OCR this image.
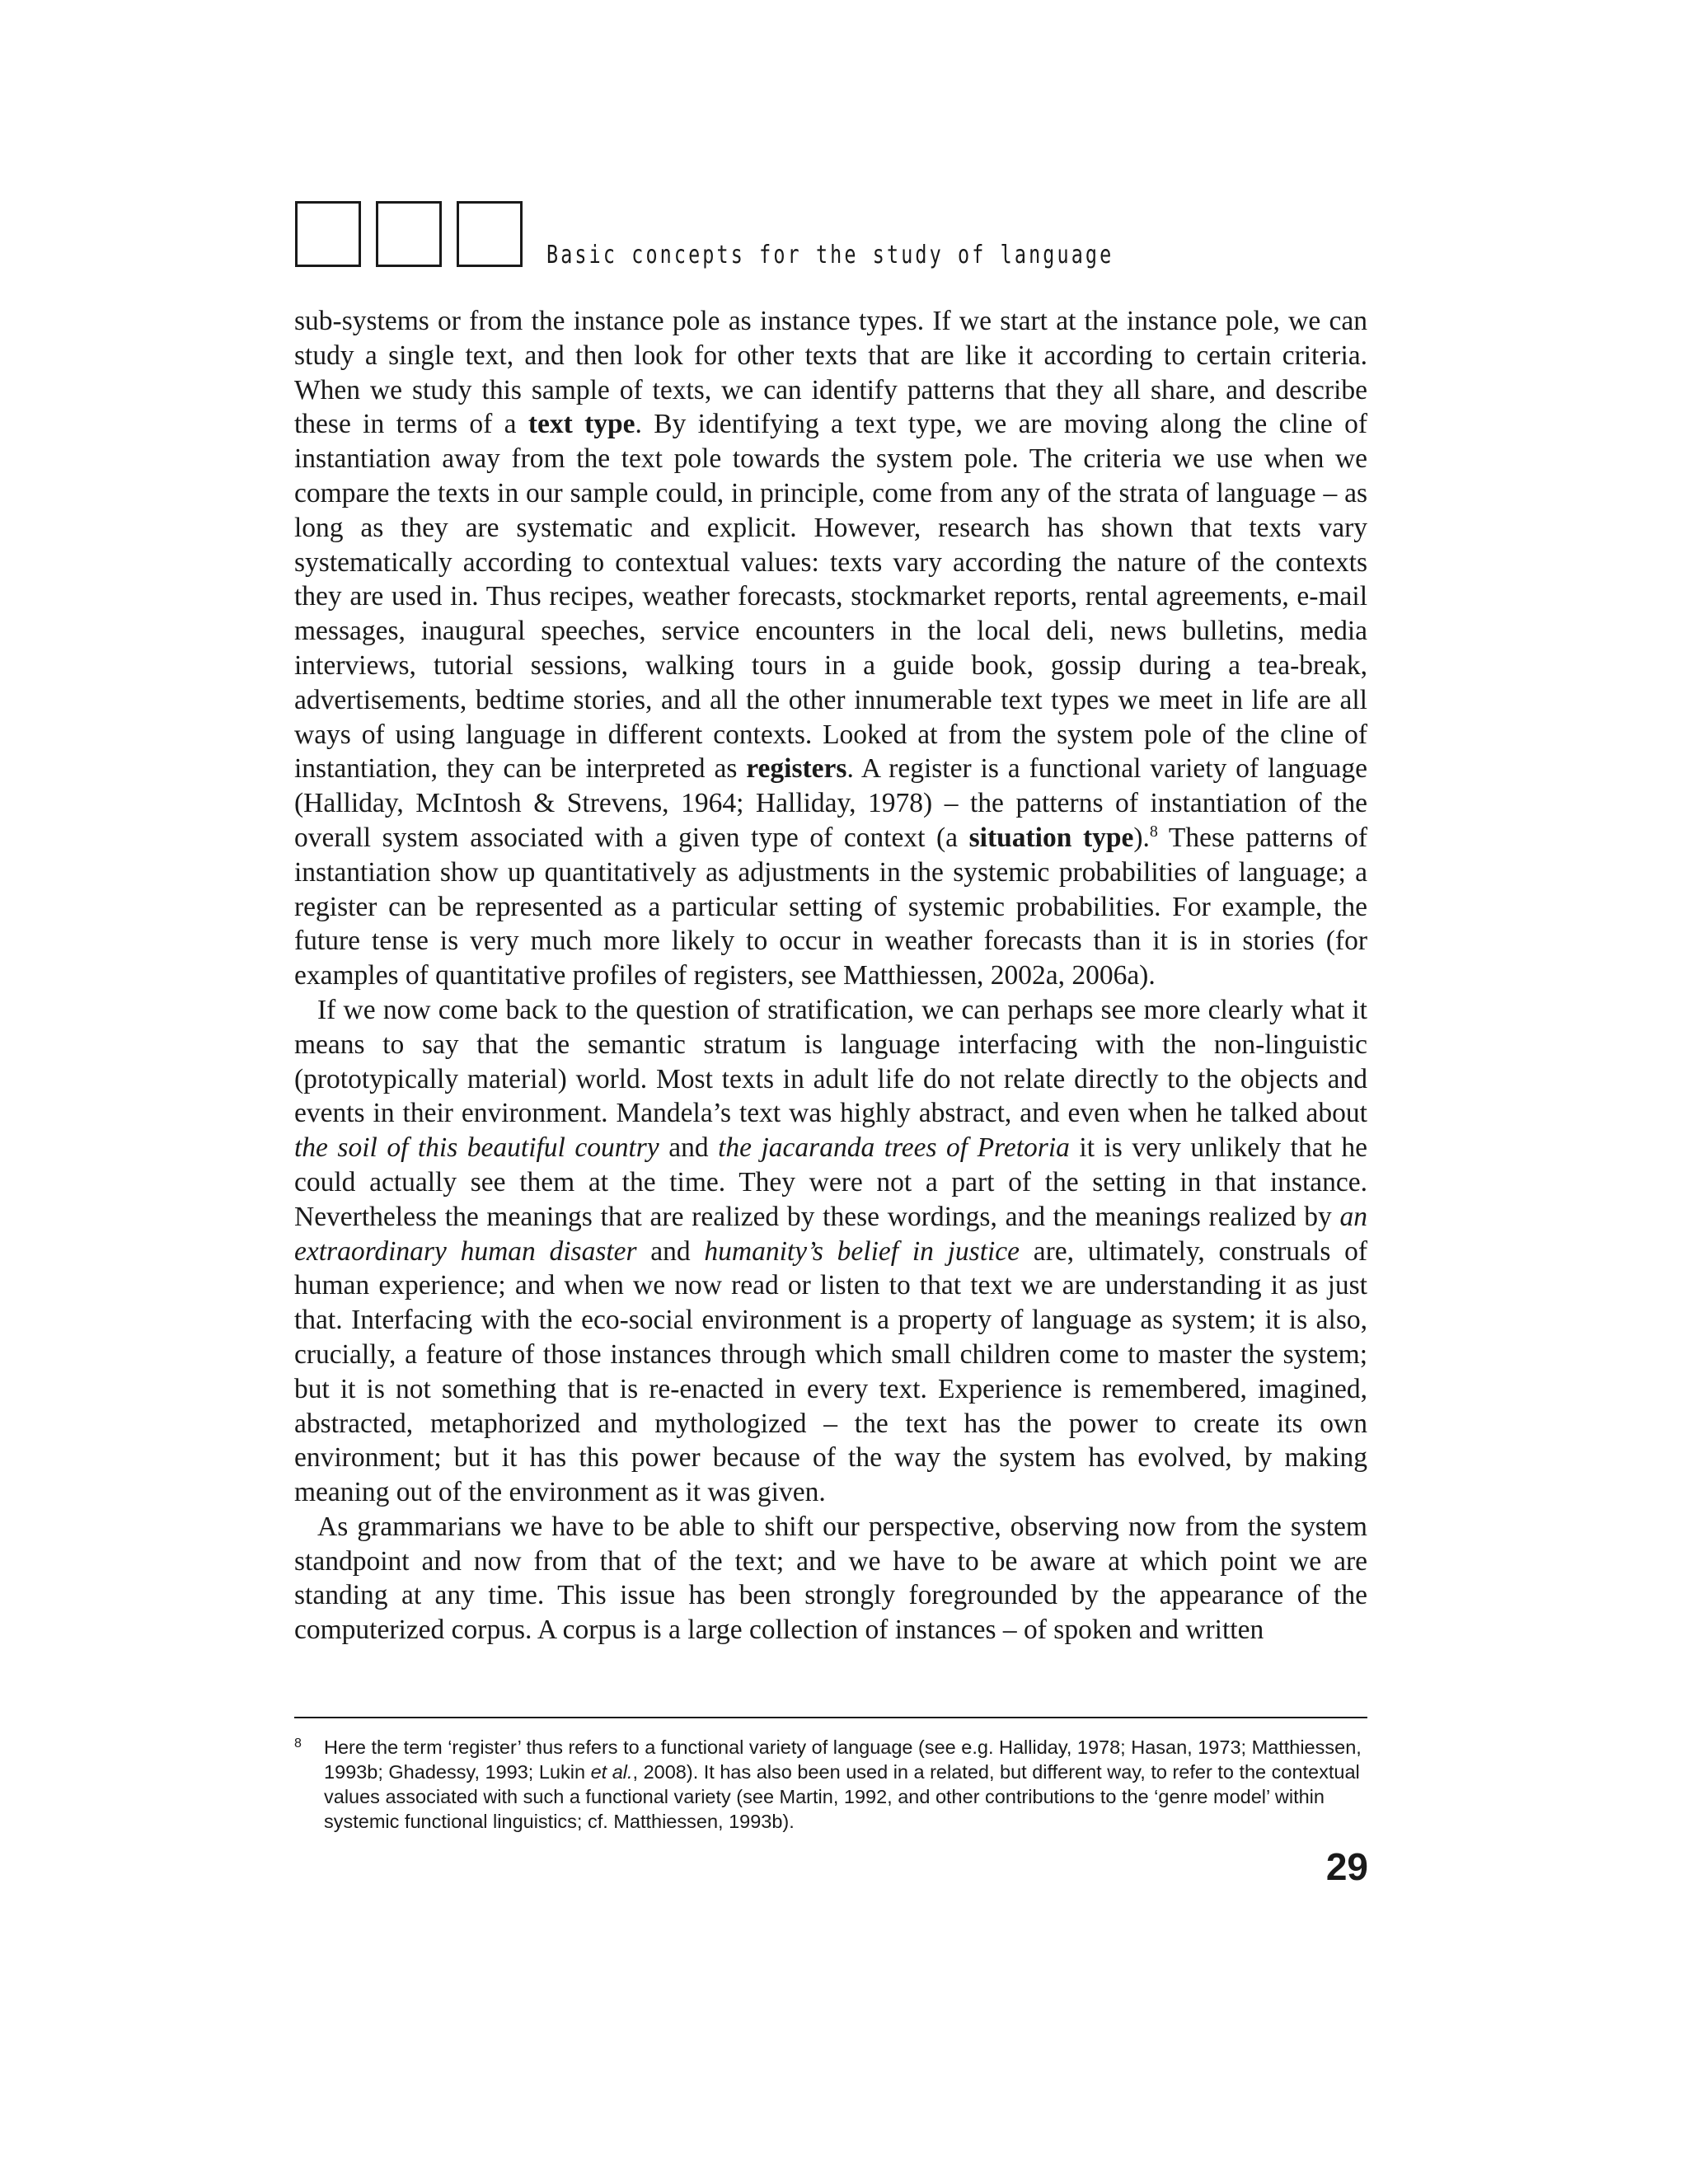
Basic concepts for the study of language

sub-systems or from the instance pole as instance types. If we start at the instance pole, we can study a single text, and then look for other texts that are like it according to certain criteria. When we study this sample of texts, we can identify patterns that they all share, and describe these in terms of a text type. By identifying a text type, we are moving along the cline of instantiation away from the text pole towards the system pole. The criteria we use when we compare the texts in our sample could, in principle, come from any of the strata of language – as long as they are systematic and explicit. However, research has shown that texts vary systematically according to contextual values: texts vary according the nature of the contexts they are used in. Thus recipes, weather forecasts, stockmarket reports, rental agreements, e-mail messages, inaugural speeches, service encounters in the local deli, news bulletins, media interviews, tutorial sessions, walking tours in a guide book, gossip during a tea-break, advertisements, bedtime stories, and all the other innumerable text types we meet in life are all ways of using language in different contexts. Looked at from the system pole of the cline of instantiation, they can be interpreted as registers. A register is a functional variety of language (Halliday, McIntosh & Strevens, 1964; Halliday, 1978) – the patterns of instantiation of the overall system associated with a given type of context (a situation type).$^8$ These patterns of instantiation show up quantitatively as adjustments in the systemic probabilities of language; a register can be represented as a particular setting of systemic probabilities. For example, the future tense is very much more likely to occur in weather forecasts than it is in stories (for examples of quantitative profiles of registers, see Matthiessen, 2002a, 2006a).

If we now come back to the question of stratification, we can perhaps see more clearly what it means to say that the semantic stratum is language interfacing with the non-linguistic (prototypically material) world. Most texts in adult life do not relate directly to the objects and events in their environment. Mandela’s text was highly abstract, and even when he talked about the soil of this beautiful country and the jacaranda trees of Pretoria it is very unlikely that he could actually see them at the time. They were not a part of the setting in that instance. Nevertheless the meanings that are realized by these wordings, and the meanings realized by an extraordinary human disaster and humanity’s belief in justice are, ultimately, construals of human experience; and when we now read or listen to that text we are understanding it as just that. Interfacing with the eco-social environment is a property of language as system; it is also, crucially, a feature of those instances through which small children come to master the system; but it is not something that is re-enacted in every text. Experience is remembered, imagined, abstracted, metaphorized and mythologized – the text has the power to create its own environment; but it has this power because of the way the system has evolved, by making meaning out of the environment as it was given.

As grammarians we have to be able to shift our perspective, observing now from the system standpoint and now from that of the text; and we have to be aware at which point we are standing at any time. This issue has been strongly foregrounded by the appearance of the computerized corpus. A corpus is a large collection of instances – of spoken and written

8 Here the term ‘register’ thus refers to a functional variety of language (see e.g. Halliday, 1978; Hasan, 1973; Matthiessen, 1993b; Ghadessy, 1993; Lukin et al., 2008). It has also been used in a related, but different way, to refer to the contextual values associated with such a functional variety (see Martin, 1992, and other contributions to the ‘genre model’ within systemic functional linguistics; cf. Matthiessen, 1993b).
29
